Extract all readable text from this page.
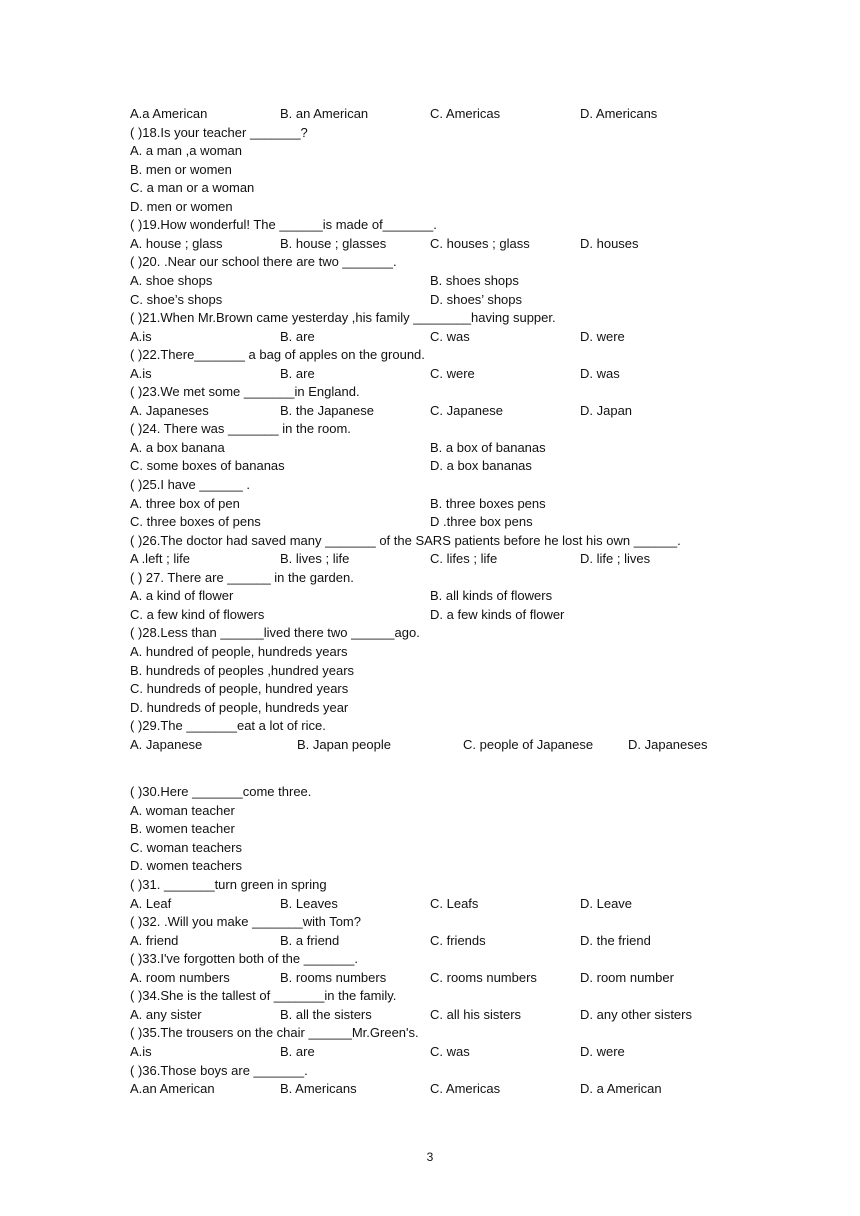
A.a American	B. an American	C. Americas	D. Americans
( )18.Is your teacher _______?
A. a man ,a woman
B. men or women
C. a man or a woman
D. men or women
( )19.How wonderful! The ______is made of_______.
A. house ; glass	B. house ; glasses	C. houses ; glass	D. houses
( )20. .Near our school there are two _______.
A. shoe shops	B. shoes shops
C. shoe’s shops	D. shoes’ shops
( )21.When Mr.Brown came yesterday ,his family ________having supper.
A.is	B. are	C. was	D. were
( )22.There_______ a bag of apples on the ground.
A.is	B. are	C. were	D. was
( )23.We met some _______in England.
A. Japaneses	B. the Japanese	C. Japanese	D. Japan
( )24. There was _______ in the room.
A. a box banana	B. a box of bananas
C. some boxes of bananas	D. a box bananas
( )25.I have ______ .
A. three box of pen	B. three boxes pens
C. three boxes of pens	D .three box pens
( )26.The doctor had saved many _______ of the SARS patients before he lost his own ______.
A .left ; life	B. lives ; life	C. lifes ; life	D. life ; lives
( ) 27. There are ______ in the garden.
A. a kind of flower	B. all kinds of flowers
C. a few kind of flowers	D. a few kinds of flower
( )28.Less than ______lived there two ______ago.
A. hundred of people, hundreds years
B. hundreds of peoples ,hundred years
C. hundreds of people, hundred years
D. hundreds of people, hundreds year
( )29.The _______eat a lot of rice.
A. Japanese	B. Japan people	C. people of Japanese	D. Japaneses
( )30.Here _______come three.
A. woman teacher
B. women teacher
C. woman teachers
D. women teachers
( )31. _______turn green in spring
A. Leaf	B. Leaves	C. Leafs	D. Leave
( )32. .Will you make _______with Tom?
A. friend	B. a friend	C. friends	D. the friend
( )33.I've forgotten both of the _______.
A. room numbers	B. rooms numbers	C. rooms numbers	D. room number
( )34.She is the tallest of _______in the family.
A. any sister	B. all the sisters	C. all his sisters	D. any other sisters
( )35.The trousers on the chair ______Mr.Green's.
A.is	B. are	C. was	D. were
( )36.Those boys are _______.
A.an American	B. Americans	C. Americas	D. a American
3
